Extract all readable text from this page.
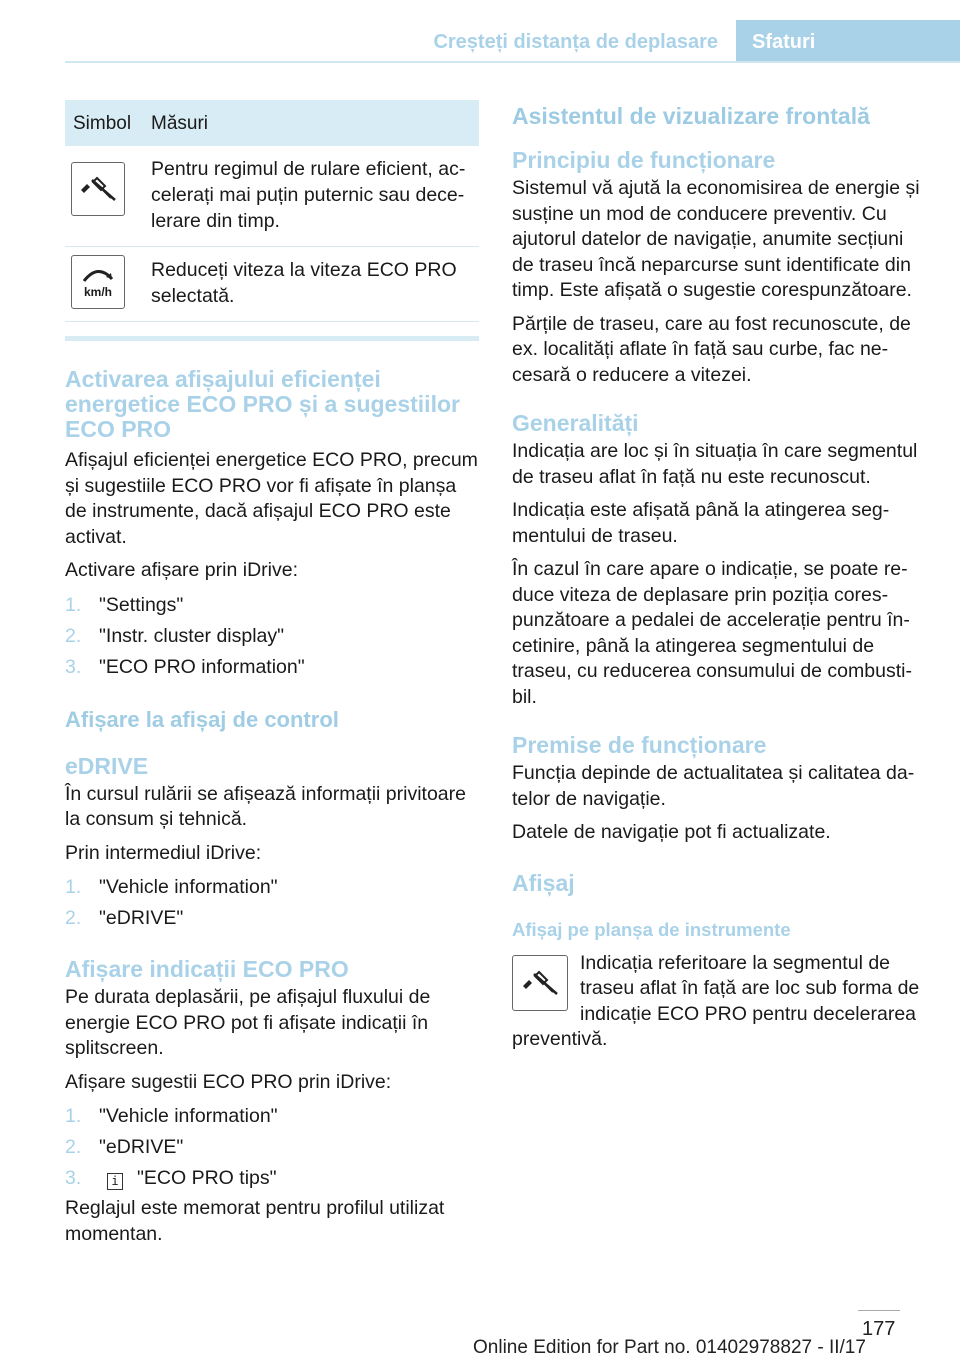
Creșteți distanța de deplasare	Sfaturi
Simbol	Măsuri

	Pentru regimul de rulare eficient, accelerați mai puțin puternic sau decelerare din timp.

km/h	Reduceți viteza la viteza ECO PRO selectată.
Activarea afișajului eficienței energetice ECO PRO și a sugestiilor ECO PRO

Afișajul eficienței energetice ECO PRO, precum și sugestiile ECO PRO vor fi afișate în planșa de instrumente, dacă afișajul ECO PRO este activat.

Activare afișare prin iDrive:

1. "Settings"
2. "Instr. cluster display"
3. "ECO PRO information"
Afișare la afișaj de control
eDRIVE

În cursul rulării se afișează informații privitoare la consum și tehnică.

Prin intermediul iDrive:

1. "Vehicle information"
2. "eDRIVE"
Afișare indicații ECO PRO

Pe durata deplasării, pe afișajul fluxului de energie ECO PRO pot fi afișate indicații în splitscreen.

Afișare sugestii ECO PRO prin iDrive:

1. "Vehicle information"
2. "eDRIVE"
3.	i "ECO PRO tips"

Reglajul este memorat pentru profilul utilizat momentan.

Asistentul de vizualizare frontală
Principiu de funcționare

Sistemul vă ajută la economisirea de energie și susține un mod de conducere preventiv. Cu ajutorul datelor de navigație, anumite secțiuni de traseu încă neparcurse sunt identificate din timp. Este afișată o sugestie corespunzătoare.

Părțile de traseu, care au fost recunoscute, de ex. localități aflate în față sau curbe, fac necesară o reducere a vitezei.

Generalități

Indicația are loc și în situația în care segmentul de traseu aflat în față nu este recunoscut.

Indicația este afișată până la atingerea segmentului de traseu.

În cazul în care apare o indicație, se poate reduce viteza de deplasare prin poziția corespunzătoare a pedalei de accelerație pentru încetinire, până la atingerea segmentului de traseu, cu reducerea consumului de combustibil.

Premise de funcționare

Funcția depinde de actualitatea și calitatea datelor de navigație.

Datele de navigație pot fi actualizate.

Afișaj
Afișaj pe planșa de instrumente

Indicația referitoare la segmentul de traseu aflat în față are loc sub forma de indicație ECO PRO pentru decelerarea preventivă.

177
Online Edition for Part no. 01402978827 - II/17
